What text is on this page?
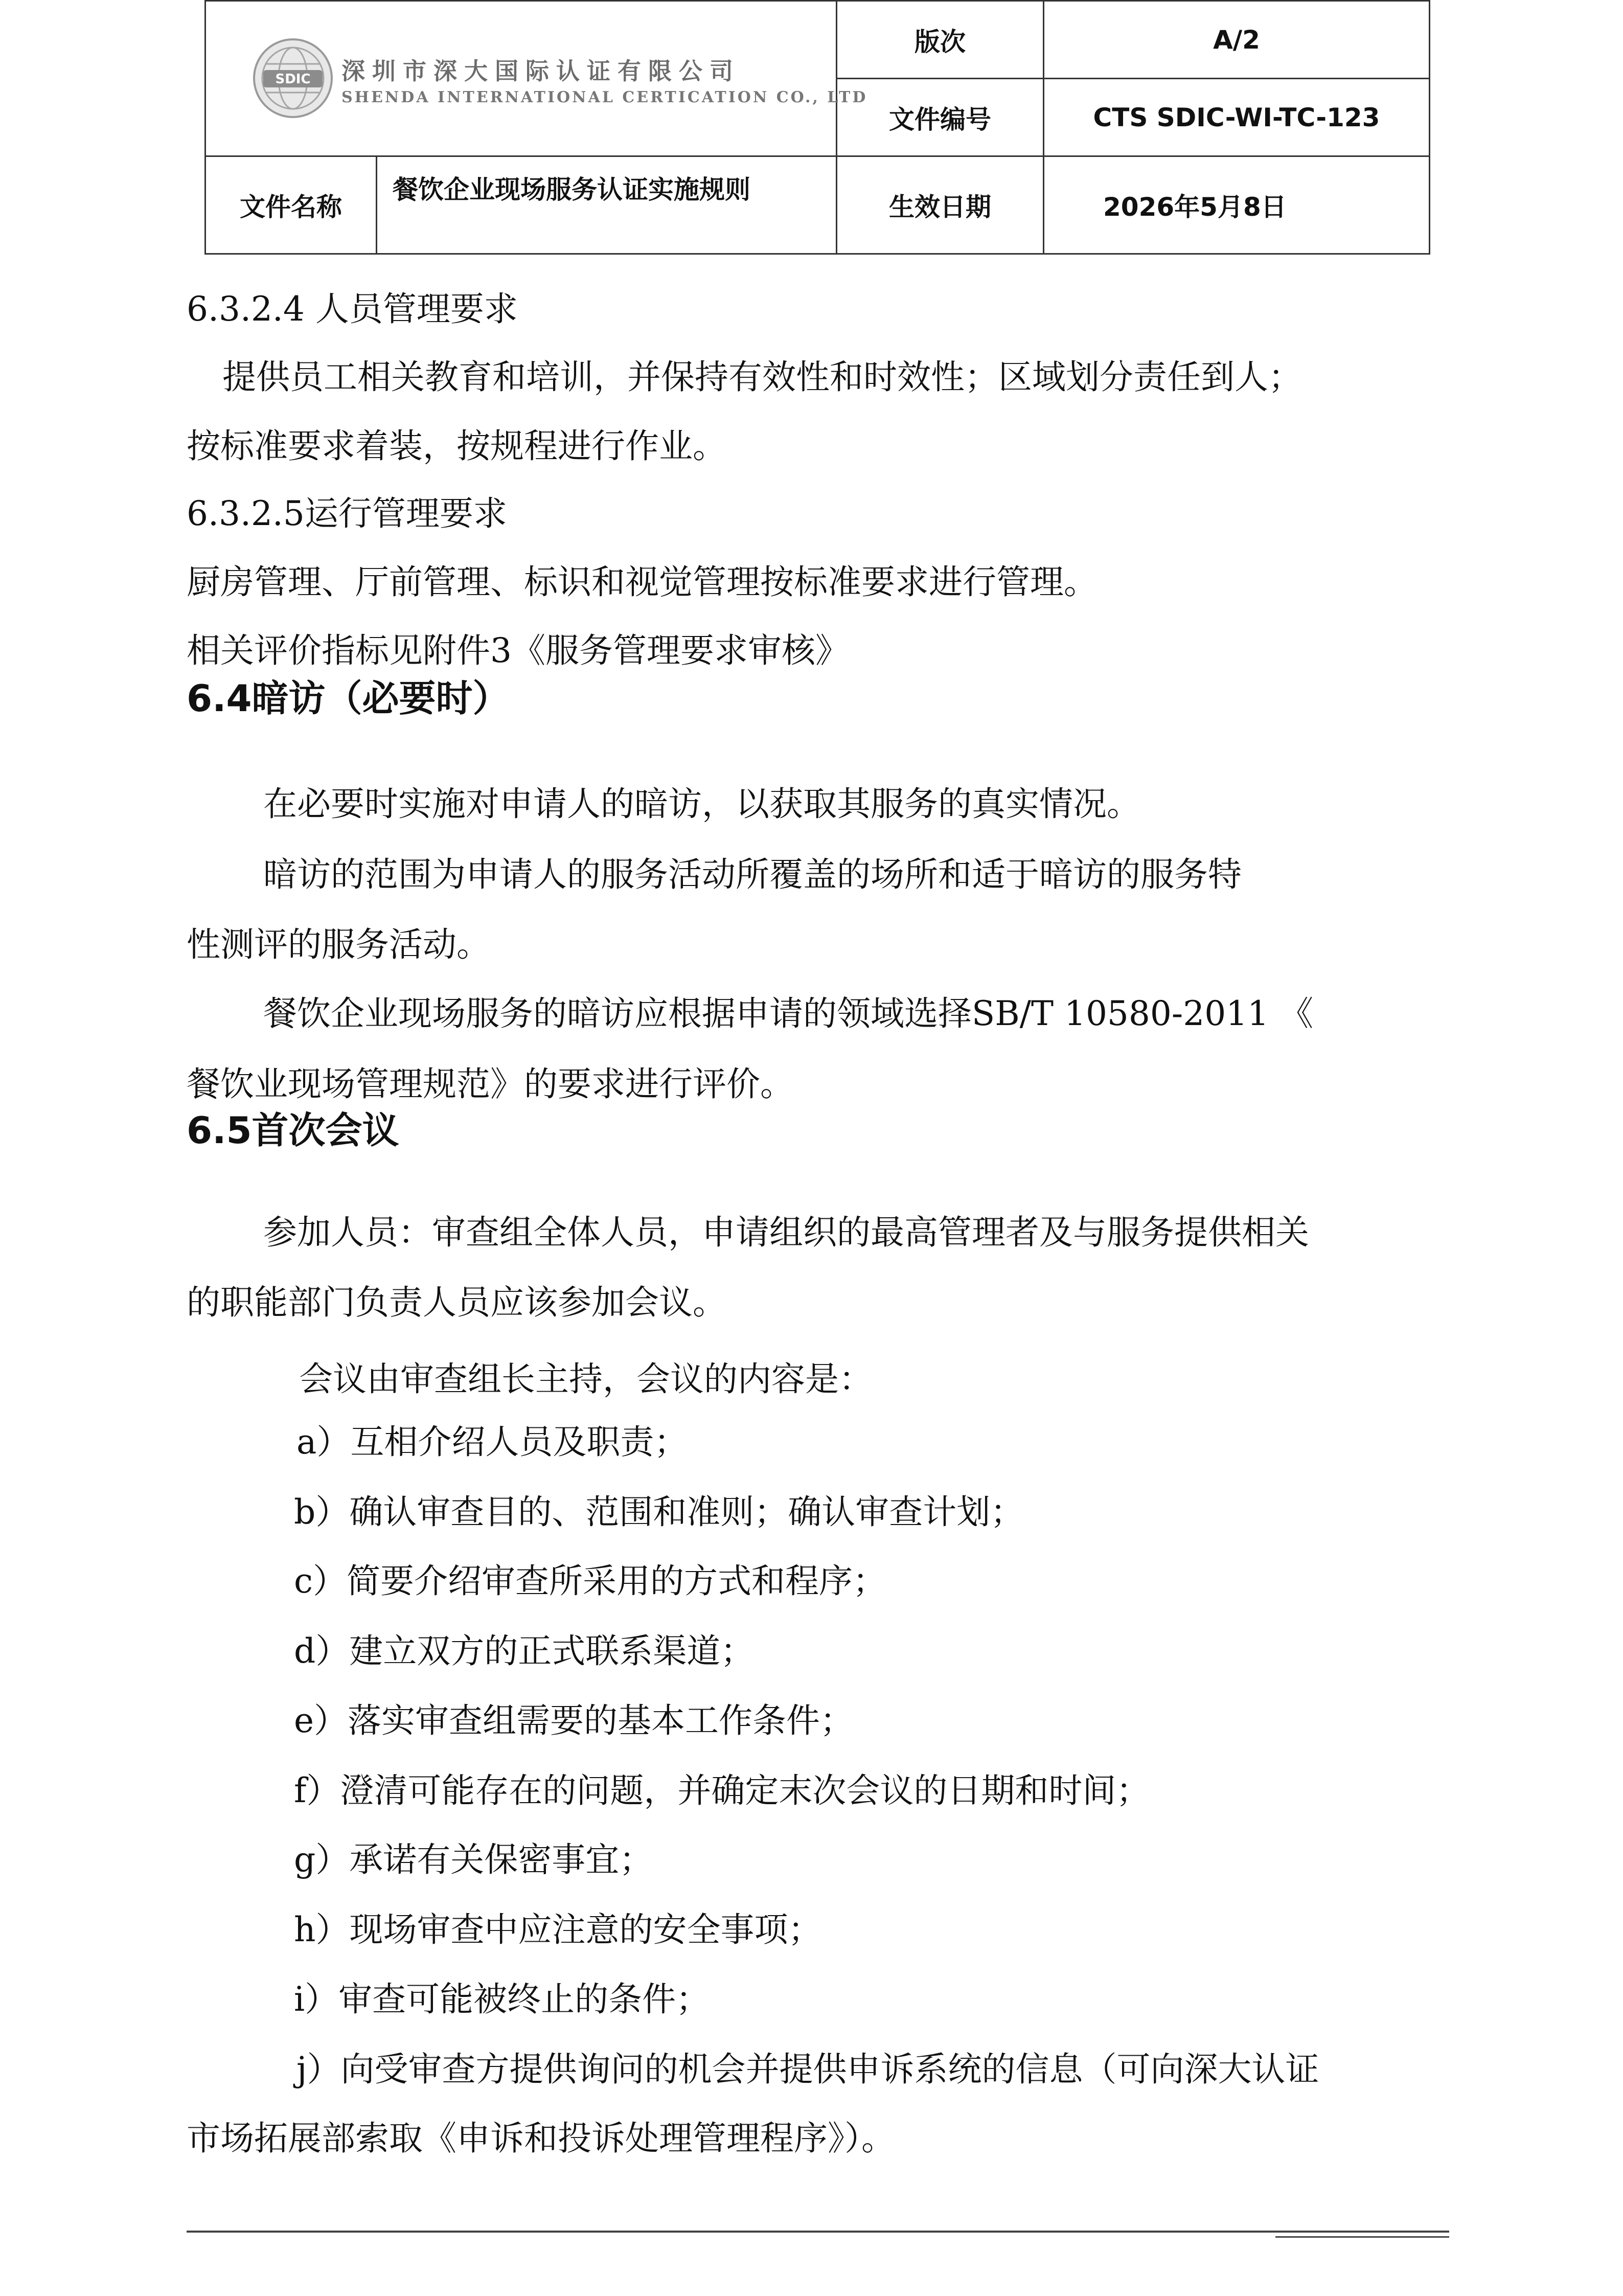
SDIC 深圳市深大国际认证有限公司
SHENDA INTERNATIONAL CERTICATION CO., LTD		版次	A/2
		文件编号	CTS SDIC-WI-TC-123
文件名称	餐饮企业现场服务认证实施规则	生效日期	2026年5月8日
6.3.2.4 人员管理要求
提供员工相关教育和培训，并保持有效性和时效性；区域划分责任到人；
按标准要求着装，按规程进行作业。
6.3.2.5运行管理要求
厨房管理、厅前管理、标识和视觉管理按标准要求进行管理。
相关评价指标见附件3《服务管理要求审核》
6.4暗访（必要时）
在必要时实施对申请人的暗访，以获取其服务的真实情况。
暗访的范围为申请人的服务活动所覆盖的场所和适于暗访的服务特
性测评的服务活动。
餐饮企业现场服务的暗访应根据申请的领域选择SB/T 10580-2011 《
餐饮业现场管理规范》的要求进行评价。
6.5首次会议
参加人员：审查组全体人员，申请组织的最高管理者及与服务提供相关
的职能部门负责人员应该参加会议。
会议由审查组长主持，会议的内容是：
a）互相介绍人员及职责；
b）确认审查目的、范围和准则；确认审查计划；
c）简要介绍审查所采用的方式和程序；
d）建立双方的正式联系渠道；
e）落实审查组需要的基本工作条件；
f）澄清可能存在的问题，并确定末次会议的日期和时间；
g）承诺有关保密事宜；
h）现场审查中应注意的安全事项；
i）审查可能被终止的条件；
j）向受审查方提供询问的机会并提供申诉系统的信息（可向深大认证
市场拓展部索取《申诉和投诉处理管理程序》）。
